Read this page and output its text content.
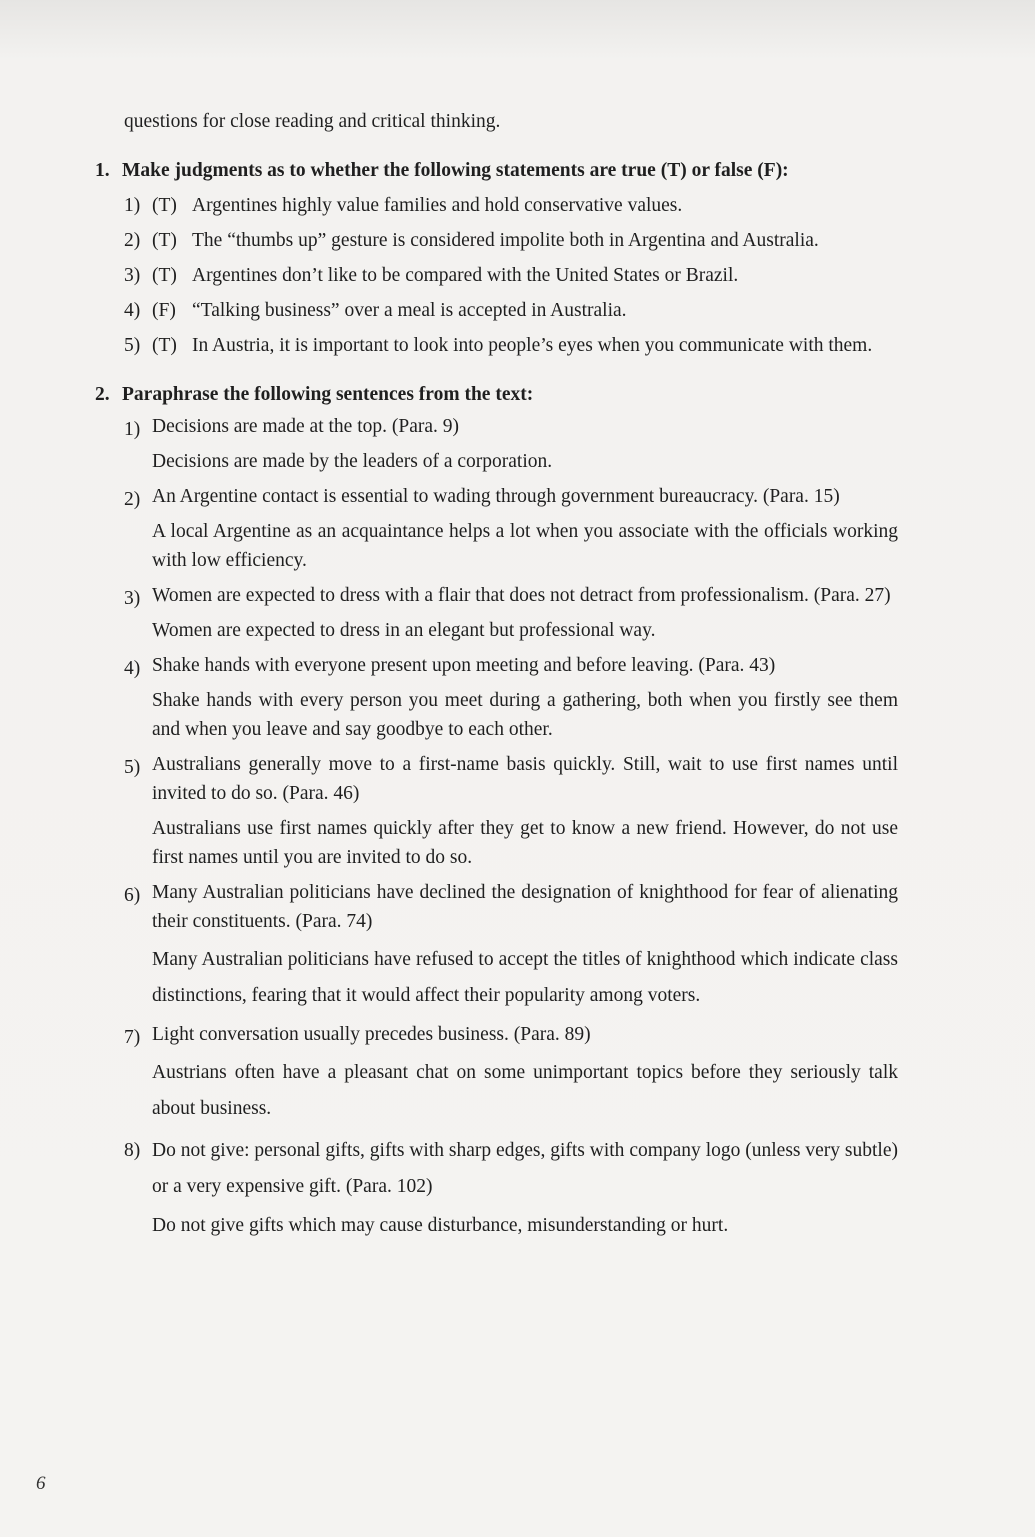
questions for close reading and critical thinking.

1. Make judgments as to whether the following statements are true (T) or false (F):
1) (T) Argentines highly value families and hold conservative values.
2) (T) The “thumbs up” gesture is considered impolite both in Argentina and Australia.
3) (T) Argentines don’t like to be compared with the United States or Brazil.
4) (F) “Talking business” over a meal is accepted in Australia.
5) (T) In Austria, it is important to look into people’s eyes when you communicate with them.
2. Paraphrase the following sentences from the text:
1) Decisions are made at the top. (Para. 9)

Decisions are made by the leaders of a corporation.

2) An Argentine contact is essential to wading through government bureaucracy. (Para. 15)

A local Argentine as an acquaintance helps a lot when you associate with the officials working with low efficiency.

3) Women are expected to dress with a flair that does not detract from professionalism. (Para. 27)

Women are expected to dress in an elegant but professional way.

4) Shake hands with everyone present upon meeting and before leaving. (Para. 43)

Shake hands with every person you meet during a gathering, both when you firstly see them and when you leave and say goodbye to each other.

5) Australians generally move to a first-name basis quickly. Still, wait to use first names until invited to do so. (Para. 46)

Australians use first names quickly after they get to know a new friend. However, do not use first names until you are invited to do so.

6) Many Australian politicians have declined the designation of knighthood for fear of alienating their constituents. (Para. 74)

Many Australian politicians have refused to accept the titles of knighthood which indicate class distinctions, fearing that it would affect their popularity among voters.

7) Light conversation usually precedes business. (Para. 89)

Austrians often have a pleasant chat on some unimportant topics before they seriously talk about business.

8) Do not give: personal gifts, gifts with sharp edges, gifts with company logo (unless very subtle) or a very expensive gift. (Para. 102)

Do not give gifts which may cause disturbance, misunderstanding or hurt.

6
